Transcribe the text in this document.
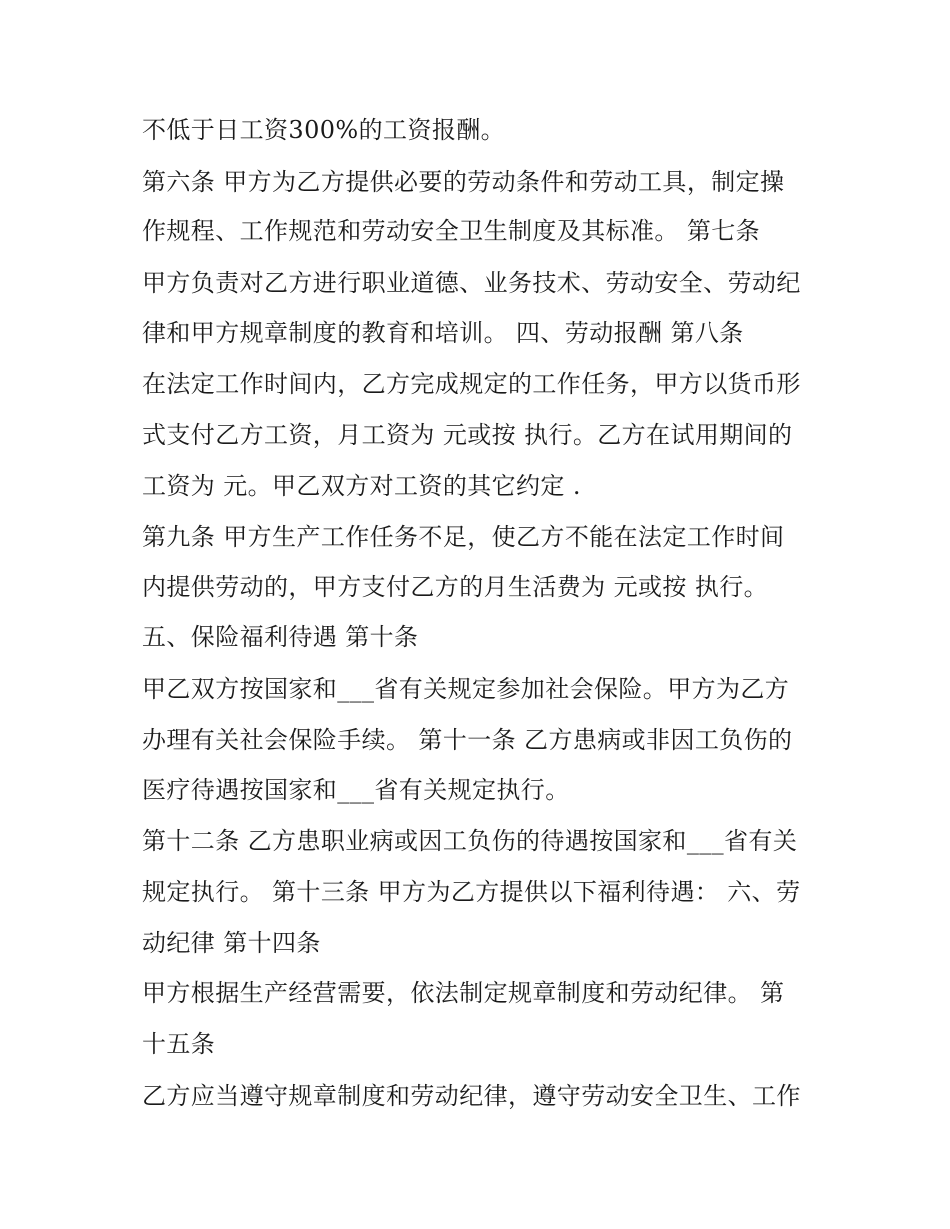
不低于日工资300%的工资报酬。
第六条 甲方为乙方提供必要的劳动条件和劳动工具，制定操
作规程、工作规范和劳动安全卫生制度及其标准。 第七条
甲方负责对乙方进行职业道德、业务技术、劳动安全、劳动纪
律和甲方规章制度的教育和培训。 四、劳动报酬 第八条
在法定工作时间内，乙方完成规定的工作任务，甲方以货币形
式支付乙方工资，月工资为 元或按 执行。乙方在试用期间的
工资为 元。甲乙双方对工资的其它约定 .
第九条 甲方生产工作任务不足，使乙方不能在法定工作时间
内提供劳动的，甲方支付乙方的月生活费为 元或按 执行。
五、保险福利待遇 第十条
甲乙双方按国家和___省有关规定参加社会保险。甲方为乙方
办理有关社会保险手续。 第十一条 乙方患病或非因工负伤的
医疗待遇按国家和___省有关规定执行。
第十二条 乙方患职业病或因工负伤的待遇按国家和___省有关
规定执行。 第十三条 甲方为乙方提供以下福利待遇： 六、劳
动纪律 第十四条
甲方根据生产经营需要，依法制定规章制度和劳动纪律。 第
十五条
乙方应当遵守规章制度和劳动纪律，遵守劳动安全卫生、工作
